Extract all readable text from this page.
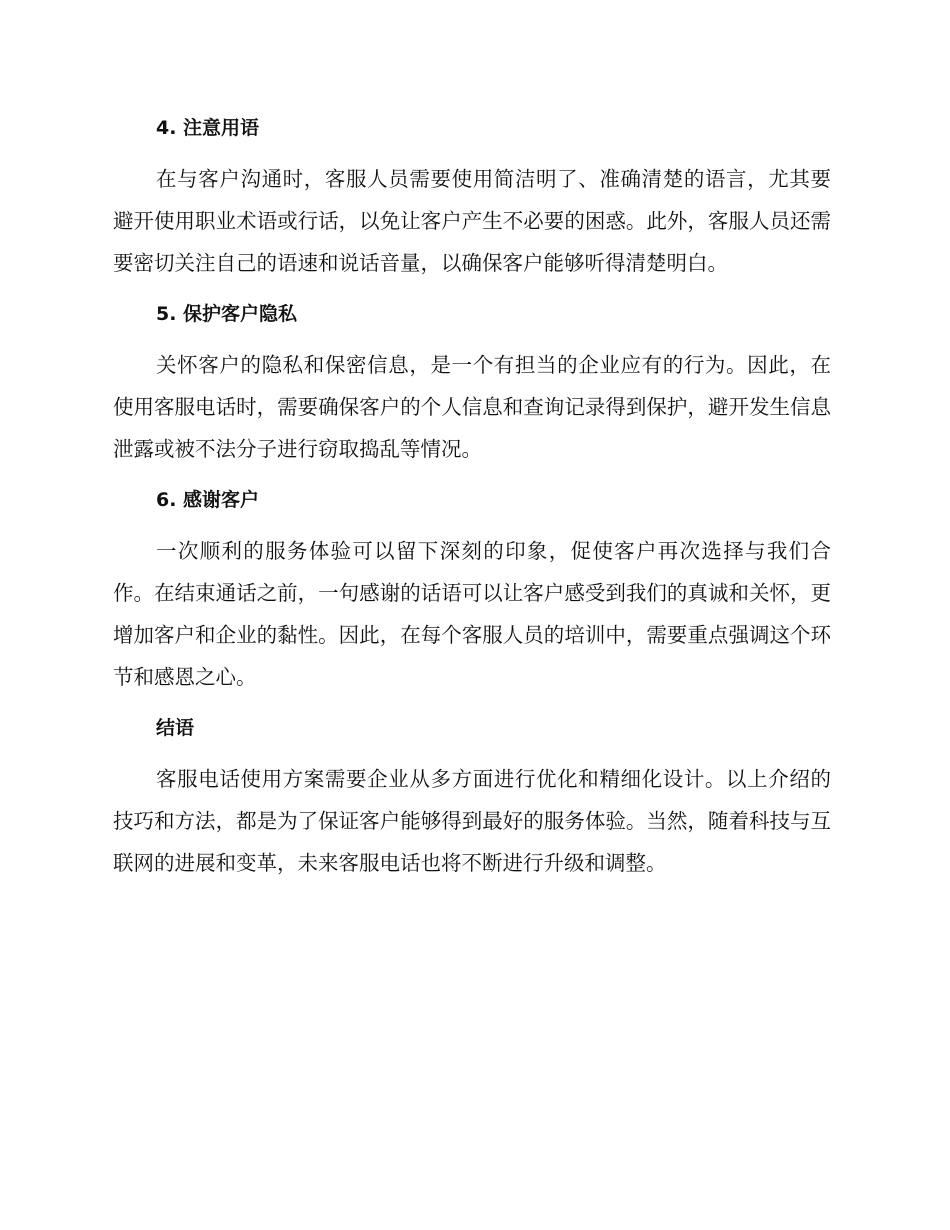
4. 注意用语

在与客户沟通时，客服人员需要使用简洁明了、准确清楚的语言，尤其要避开使用职业术语或行话，以免让客户产生不必要的困惑。此外，客服人员还需要密切关注自己的语速和说话音量，以确保客户能够听得清楚明白。

5. 保护客户隐私

关怀客户的隐私和保密信息，是一个有担当的企业应有的行为。因此，在使用客服电话时，需要确保客户的个人信息和查询记录得到保护，避开发生信息泄露或被不法分子进行窃取捣乱等情况。

6. 感谢客户

一次顺利的服务体验可以留下深刻的印象，促使客户再次选择与我们合作。在结束通话之前，一句感谢的话语可以让客户感受到我们的真诚和关怀，更增加客户和企业的黏性。因此，在每个客服人员的培训中，需要重点强调这个环节和感恩之心。

结语

客服电话使用方案需要企业从多方面进行优化和精细化设计。以上介绍的技巧和方法，都是为了保证客户能够得到最好的服务体验。当然，随着科技与互联网的进展和变革，未来客服电话也将不断进行升级和调整。
